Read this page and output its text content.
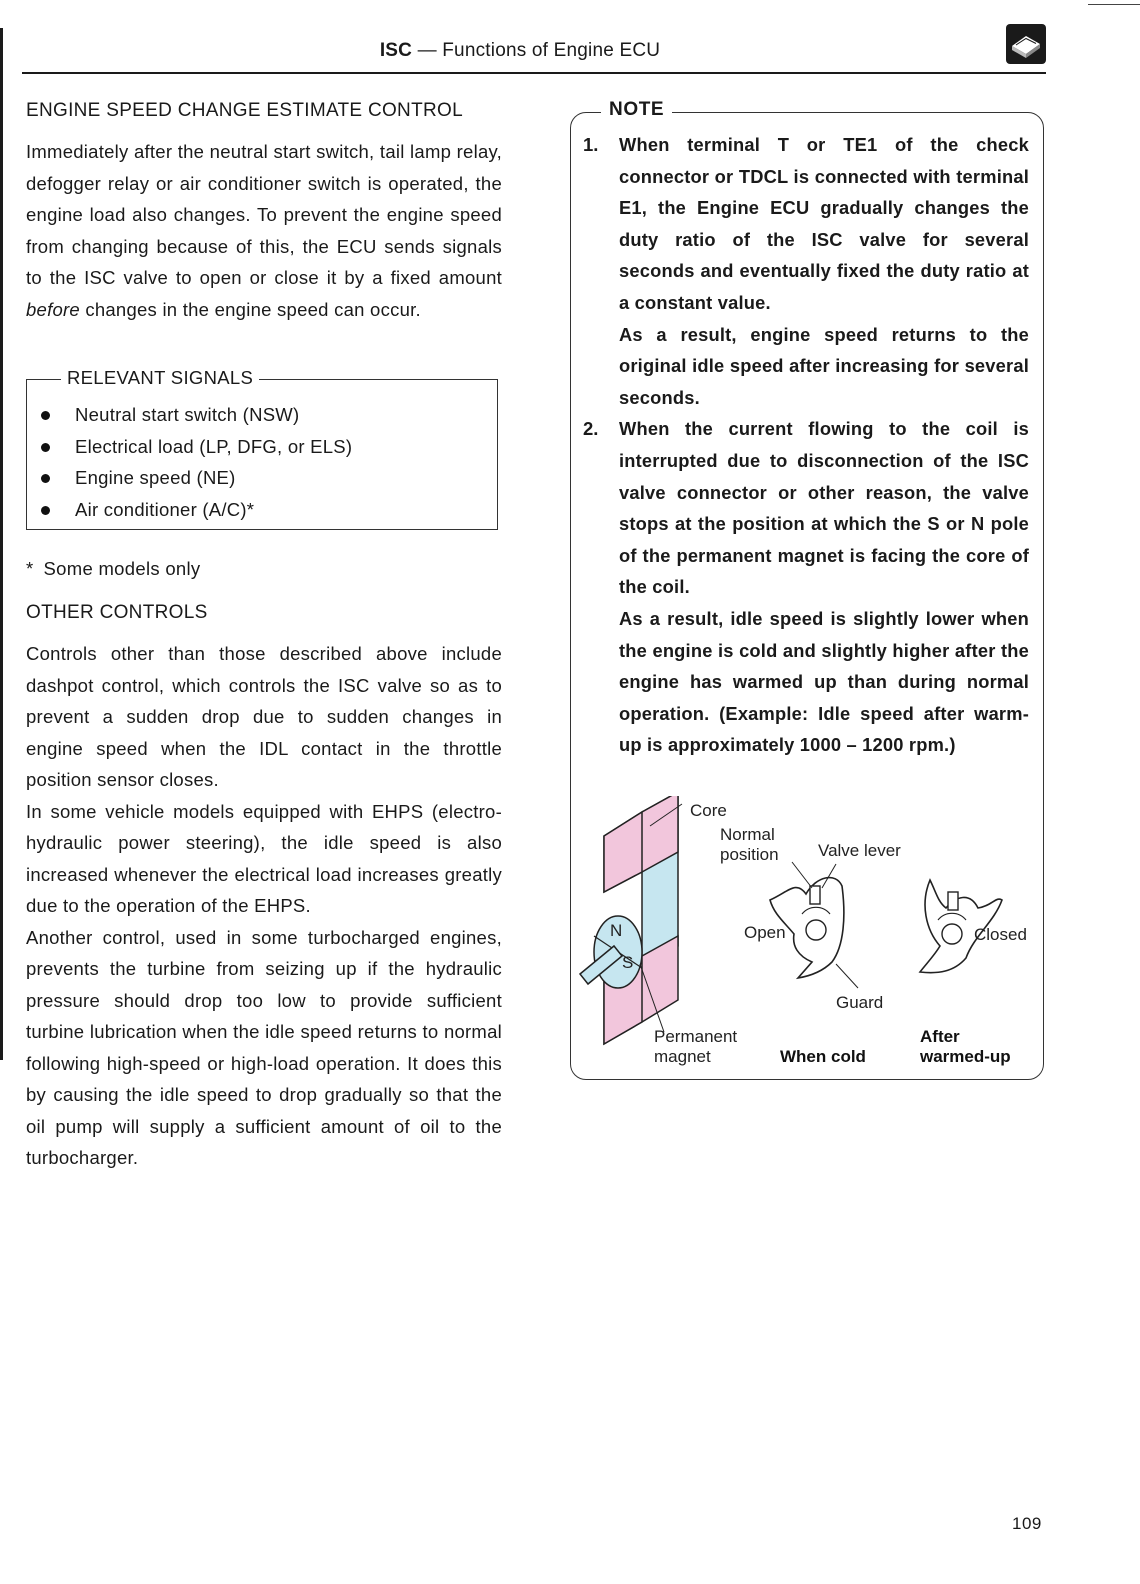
ISC — Functions of Engine ECU
ENGINE SPEED CHANGE ESTIMATE CONTROL

Immediately after the neutral start switch, tail lamp relay, defogger relay or air conditioner switch is operated, the engine load also changes. To prevent the engine speed from changing because of this, the ECU sends signals to the ISC valve to open or close it by a fixed amount before changes in the engine speed can occur.

RELEVANT SIGNALS
Neutral start switch (NSW)
Electrical load (LP, DFG, or ELS)
Engine speed (NE)
Air conditioner (A/C)*
* Some models only
OTHER CONTROLS

Controls other than those described above include dashpot control, which controls the ISC valve so as to prevent a sudden drop due to sudden changes in engine speed when the IDL contact in the throttle position sensor closes.

In some vehicle models equipped with EHPS (electro-hydraulic power steering), the idle speed is also increased whenever the electrical load increases greatly due to the operation of the EHPS.

Another control, used in some turbocharged engines, prevents the turbine from seizing up if the hydraulic pressure should drop too low to provide sufficient turbine lubrication when the idle speed returns to normal following high-speed or high-load operation. It does this by causing the idle speed to drop gradually so that the oil pump will supply a sufficient amount of oil to the turbocharger.

NOTE
1. When terminal T or TE1 of the check connector or TDCL is connected with terminal E1, the Engine ECU gradually changes the duty ratio of the ISC valve for several seconds and eventually fixed the duty ratio at a constant value.

As a result, engine speed returns to the original idle speed after increasing for several seconds.

2. When the current flowing to the coil is interrupted due to disconnection of the ISC valve connector or other reason, the valve stops at the position at which the S or N pole of the permanent magnet is facing the core of the coil.

As a result, idle speed is slightly lower when the engine is cold and slightly higher after the engine has warmed up than during normal operation. (Example: Idle speed after warm-up is approximately 1000 – 1200 rpm.)

N
S
Core
Normal
position Valve lever
Open
Guard
Closed
Permanent
magnet	When cold
After
warmed-up
109
